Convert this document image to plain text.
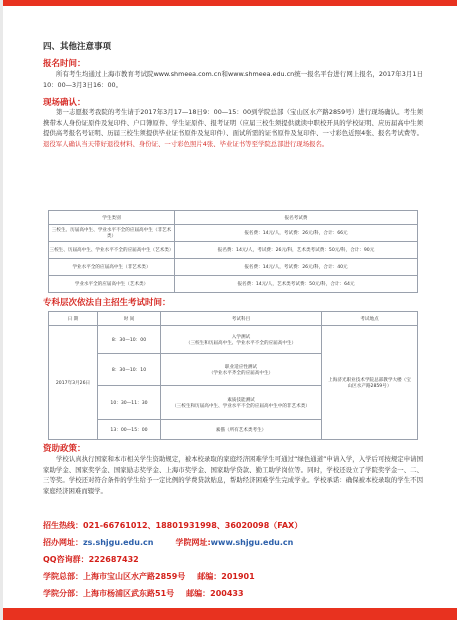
四、其他注意事项
报名时间：
所有考生均通过上海市教育考试院www.shmeea.com.cn和www.shmeea.edu.cn统一报名平台进行网上报名，2017年3月1日10：00—3月3日16：00。
现场确认：
第一志愿报考我院的考生请于2017年3月17—18日9：00—15：00到学院总部（宝山区水产路2859号）进行现场确认。考生须携带本人身份证原件及复印件、户口簿原件、学生证原件、报考证明（应届三校生须提供就读中职校开具的学校证明、应历届高中生须提供高考报名号证明、历届三校生须提供毕业证书原件及复印件）、面试所需的证书原件及复印件、一寸彩色近照4张、报名考试费等。退役军人确认当天带好退役材料、身份证、一寸彩色照片4张、毕业证书等至学院总部进行现场报名。
学生类别	报名考试费
三校生、历届高中生、学业水平不全的应届高中生（非艺术类）	报名费：14元/人，考试费：26元/科，合计：66元
三校生、历届高中生、学业水平不全的应届高中生（艺术类）	报名费：14元/人，考试费：26元/科，艺术类考试费：50元/科，合计：90元
学业水平全的应届高中生（非艺术类）	报名费：14元/人，考试费：26元/科，合计：40元
学业水平全的应届高中生（艺术类）	报名费：14元/人，艺术类考试费：50元/科，合计：64元
专科层次依法自主招生考试时间：
日 期	时 间	考试科目	考试地点
2017年3月26日	8：30—10：00	入学测试
（三校生和历届高中生、学业水平不全的应届高中生）	上海济光职业技术学院总部教学大楼（宝山区水产路2859号）
	8：30—10：10	职业适应性测试
（学业水平齐全的应届高中生）	

	10：30—11：30	素质技能测试
（三校生和历届高中生、学业水平不全的应届高中生中的非艺术类）	

	13：00—15：00	素描（所有艺术类考生）	
资助政策：
学校认真执行国家和本市相关学生资助规定，被本校录取的家庭经济困难学生可通过“绿色通道”申请入学，入学后可按规定申请国家助学金、国家奖学金、国家励志奖学金、上海市奖学金、国家助学贷款、勤工助学岗位等。同时，学校还设立了学院奖学金一、二、三等奖。学校还对符合条件的学生给予一定比例的学费贷款贴息，帮助经济困难学生完成学业。学校承诺：确保被本校录取的学生不因家庭经济困难而辍学。
招生热线：021-66761012、18801931998、36020098（FAX）
招办网址：zs.shjgu.edu.cn	学院网址:www.shjgu.edu.cn
QQ咨询群：222687432
学院总部：上海市宝山区水产路2859号 邮编：201901
学院分部：上海市杨浦区武东路51号 邮编：200433
